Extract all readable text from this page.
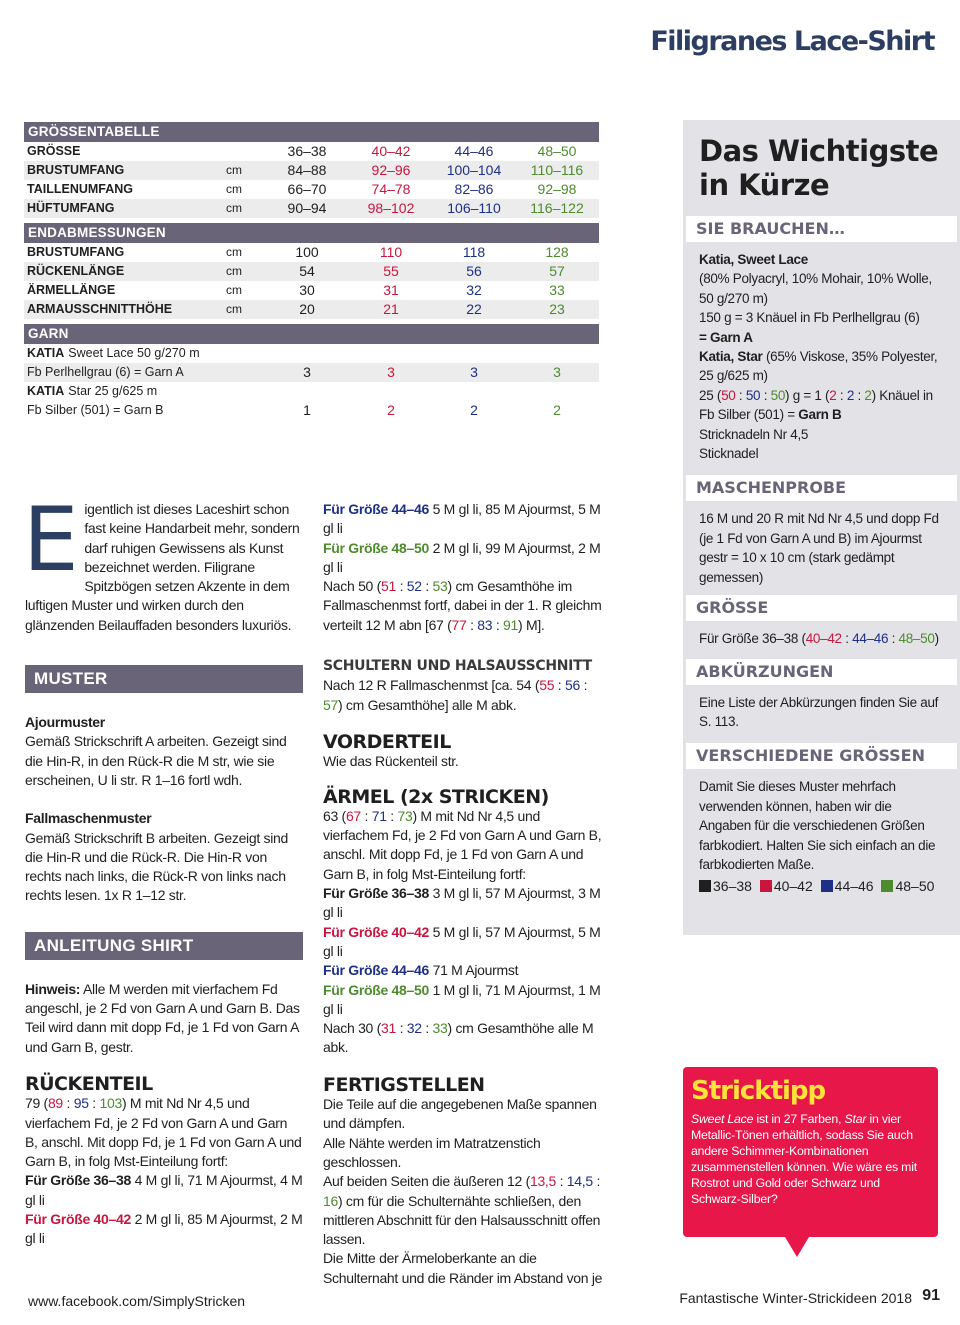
Filigranes Lace-Shirt
GRÖSSENTABELLE
GRÖSSE	36–38	40–42	44–46	48–50
BRUSTUMFANG	cm	84–88	92–96	100–104	110–116
TAILLENUMFANG	cm	66–70	74–78	82–86	92–98
HÜFTUMFANG	cm	90–94	98–102	106–110	116–122
ENDABMESSUNGEN
BRUSTUMFANG	cm	100	110	118	128
RÜCKENLÄNGE	cm	54	55	56	57
ÄRMELLÄNGE	cm	30	31	32	33
ARMAUSSCHNITTHÖHE	cm	20	21	22	23
GARN
KATIA Sweet Lace 50 g/270 m
Fb Perlhellgrau (6) = Garn A	3	3	3	3
KATIA Star 25 g/625 m
Fb Silber (501) = Garn B	1	2	2	2

Eigentlich ist dieses Laceshirt schon fast keine Handarbeit mehr, sondern darf ruhigen Gewissens als Kunst bezeichnet werden. Filigrane Spitzbögen setzen Akzente in dem luftigen Muster und wirken durch den glänzenden Beilauffaden besonders luxuriös.

MUSTER

Ajourmuster

Gemäß Strickschrift A arbeiten. Gezeigt sind die Hin-R, in den Rück-R die M str, wie sie erscheinen, U li str. R 1–16 fortl wdh.

Fallmaschenmuster

Gemäß Strickschrift B arbeiten. Gezeigt sind die Hin-R und die Rück-R. Die Hin-R von rechts nach links, die Rück-R von links nach rechts lesen. 1x R 1–12 str.

ANLEITUNG SHIRT

Hinweis: Alle M werden mit vierfachem Fd angeschl, je 2 Fd von Garn A und Garn B. Das Teil wird dann mit dopp Fd, je 1 Fd von Garn A und Garn B, gestr.

RÜCKENTEIL

79 (89 : 95 : 103) M mit Nd Nr 4,5 und vierfachem Fd, je 2 Fd von Garn A und Garn B, anschl. Mit dopp Fd, je 1 Fd von Garn A und Garn B, in folg Mst-Einteilung fortf:

Für Größe 36–38 4 M gl li, 71 M Ajourmst, 4 M gl li

Für Größe 40–42 2 M gl li, 85 M Ajourmst, 2 M gl li

Für Größe 44–46 5 M gl li, 85 M Ajourmst, 5 M gl li

Für Größe 48–50 2 M gl li, 99 M Ajourmst, 2 M gl li

Nach 50 (51 : 52 : 53) cm Gesamthöhe im Fallmaschenmst fortf, dabei in der 1. R gleichm verteilt 12 M abn [67 (77 : 83 : 91) M].

SCHULTERN UND HALSAUSSCHNITT

Nach 12 R Fallmaschenmst [ca. 54 (55 : 56 : 57) cm Gesamthöhe] alle M abk.

VORDERTEIL

Wie das Rückenteil str.

ÄRMEL (2x STRICKEN)

63 (67 : 71 : 73) M mit Nd Nr 4,5 und vierfachem Fd, je 2 Fd von Garn A und Garn B, anschl. Mit dopp Fd, je 1 Fd von Garn A und Garn B, in folg Mst-Einteilung fortf:

Für Größe 36–38 3 M gl li, 57 M Ajourmst, 3 M gl li

Für Größe 40–42 5 M gl li, 57 M Ajourmst, 5 M gl li

Für Größe 44–46 71 M Ajourmst

Für Größe 48–50 1 M gl li, 71 M Ajourmst, 1 M gl li

Nach 30 (31 : 32 : 33) cm Gesamthöhe alle M abk.

FERTIGSTELLEN

Die Teile auf die angegebenen Maße spannen und dämpfen.

Alle Nähte werden im Matratzenstich geschlossen.

Auf beiden Seiten die äußeren 12 (13,5 : 14,5 : 16) cm für die Schulternähte schließen, den mittleren Abschnitt für den Halsausschnitt offen lassen.

Die Mitte der Ärmeloberkante an die Schulternaht und die Ränder im Abstand von je

Das Wichtigste in Kürze
SIE BRAUCHEN…
Katia, Sweet Lace
(80% Polyacryl, 10% Mohair, 10% Wolle, 50 g/270 m)
150 g = 3 Knäuel in Fb Perlhellgrau (6)
= Garn A
Katia, Star (65% Viskose, 35% Polyester, 25 g/625 m)
25 (50 : 50 : 50) g = 1 (2 : 2 : 2) Knäuel in Fb Silber (501) = Garn B
Stricknadeln Nr 4,5
Sticknadel
MASCHENPROBE
16 M und 20 R mit Nd Nr 4,5 und dopp Fd (je 1 Fd von Garn A und B) im Ajourmst gestr = 10 x 10 cm (stark gedämpt gemessen)
GRÖSSE
Für Größe 36–38 (40–42 : 44–46 : 48–50)
ABKÜRZUNGEN
Eine Liste der Abkürzungen finden Sie auf S. 113.
VERSCHIEDENE GRÖSSEN
Damit Sie dieses Muster mehrfach verwenden können, haben wir die Angaben für die verschiedenen Größen farbkodiert. Halten Sie sich einfach an die farbkodierten Maße.
36–38 40–42 44–46 48–50
Stricktipp
Sweet Lace ist in 27 Farben, Star in vier Metallic-Tönen erhältlich, sodass Sie auch andere Schimmer-Kombinationen zusammenstellen können. Wie wäre es mit Rostrot und Gold oder Schwarz und Schwarz-Silber?
www.facebook.com/SimplyStricken	Fantastische Winter-Strickideen 2018 91
